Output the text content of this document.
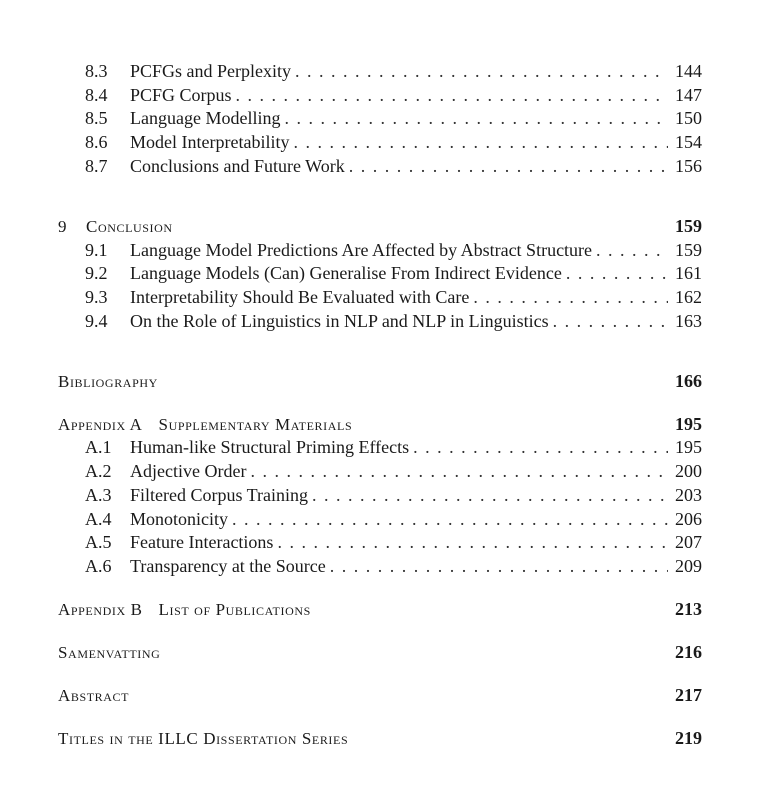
8.3	PCFGs and Perplexity . . .	144
8.4	PCFG Corpus . . .	147
8.5	Language Modelling . . .	150
8.6	Model Interpretability . . .	154
8.7	Conclusions and Future Work . . .	156
9	Conclusion	159
9.1	Language Model Predictions Are Affected by Abstract Structure . . .	159
9.2	Language Models (Can) Generalise From Indirect Evidence . . .	161
9.3	Interpretability Should Be Evaluated with Care . . .	162
9.4	On the Role of Linguistics in NLP and NLP in Linguistics . . .	163
Bibliography	166
Appendix A Supplementary Materials	195
A.1	Human-like Structural Priming Effects . . .	195
A.2	Adjective Order . . .	200
A.3	Filtered Corpus Training . . .	203
A.4	Monotonicity . . .	206
A.5	Feature Interactions . . .	207
A.6	Transparency at the Source . . .	209
Appendix B List of Publications	213
Samenvatting	216
Abstract	217
Titles in the ILLC Dissertation Series	219
